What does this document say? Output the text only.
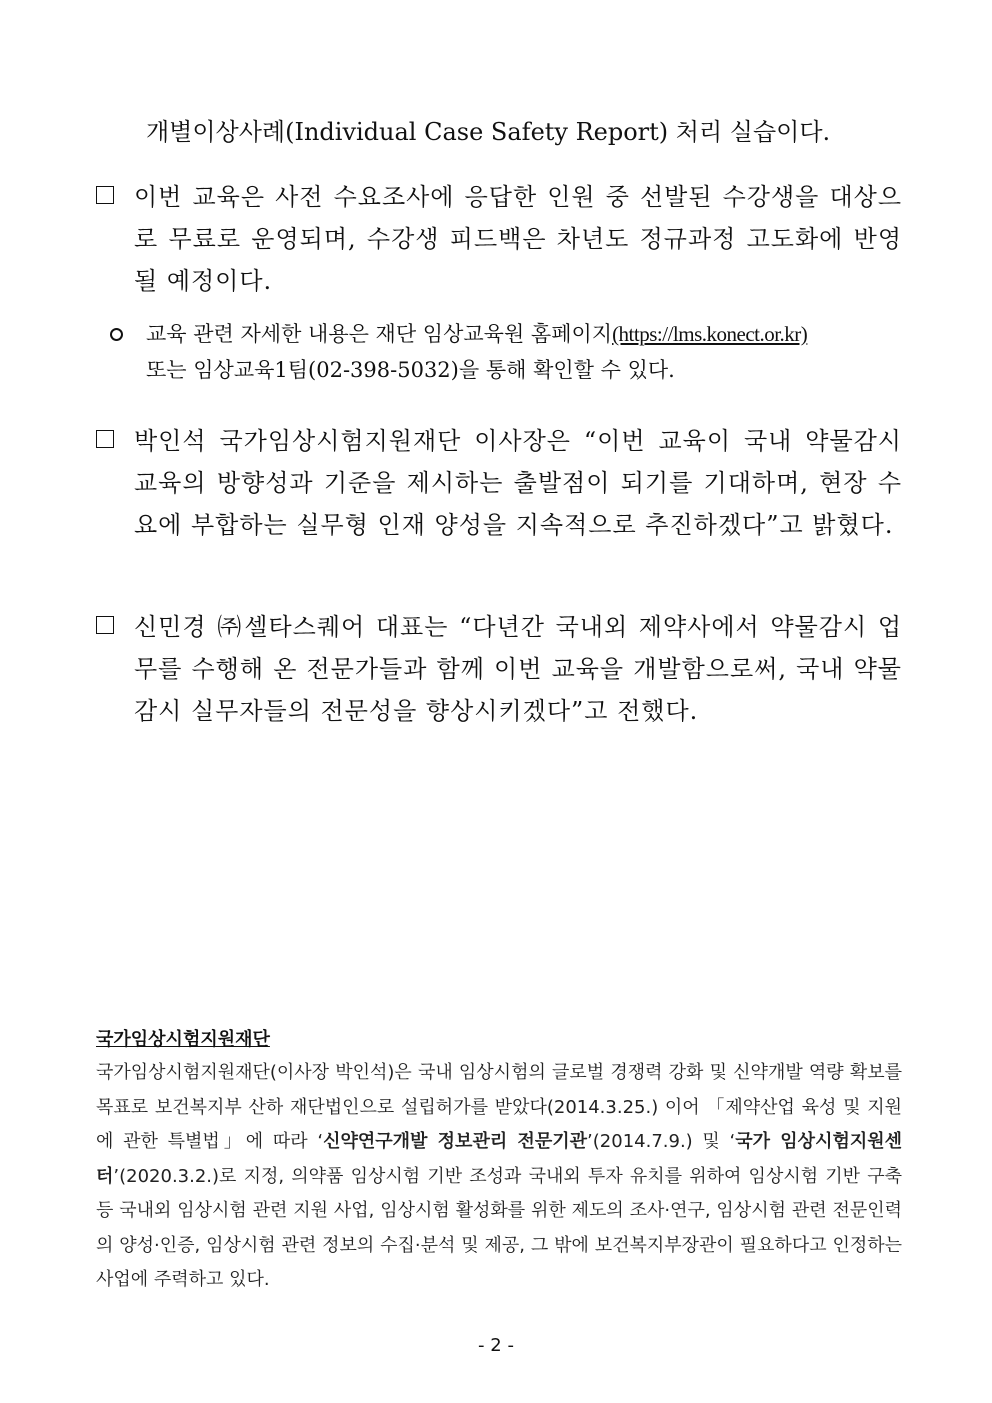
개별이상사례(Individual Case Safety Report) 처리 실습이다.
이번 교육은 사전 수요조사에 응답한 인원 중 선발된 수강생을 대상으로 무료로 운영되며, 수강생 피드백은 차년도 정규과정 고도화에 반영될 예정이다.
교육 관련 자세한 내용은 재단 임상교육원 홈페이지(https://lms.konect.or.kr)
또는 임상교육1팀(02-398-5032)을 통해 확인할 수 있다.
박인석 국가임상시험지원재단 이사장은 “이번 교육이 국내 약물감시 교육의 방향성과 기준을 제시하는 출발점이 되기를 기대하며, 현장 수요에 부합하는 실무형 인재 양성을 지속적으로 추진하겠다”고 밝혔다.
신민경 ㈜셀타스퀘어 대표는 “다년간 국내외 제약사에서 약물감시 업무를 수행해 온 전문가들과 함께 이번 교육을 개발함으로써, 국내 약물감시 실무자들의 전문성을 향상시키겠다”고 전했다.
국가임상시험지원재단
국가임상시험지원재단(이사장 박인석)은 국내 임상시험의 글로벌 경쟁력 강화 및 신약개발 역량 확보를 목표로 보건복지부 산하 재단법인으로 설립허가를 받았다(2014.3.25.) 이어 「제약산업 육성 및 지원에 관한 특별법」에 따라 ‘신약연구개발 정보관리 전문기관’(2014.7.9.) 및 ‘국가 임상시험지원센터’(2020.3.2.)로 지정, 의약품 임상시험 기반 조성과 국내외 투자 유치를 위하여 임상시험 기반 구축 등 국내외 임상시험 관련 지원 사업, 임상시험 활성화를 위한 제도의 조사·연구, 임상시험 관련 전문인력의 양성·인증, 임상시험 관련 정보의 수집·분석 및 제공, 그 밖에 보건복지부장관이 필요하다고 인정하는 사업에 주력하고 있다.
- 2 -
